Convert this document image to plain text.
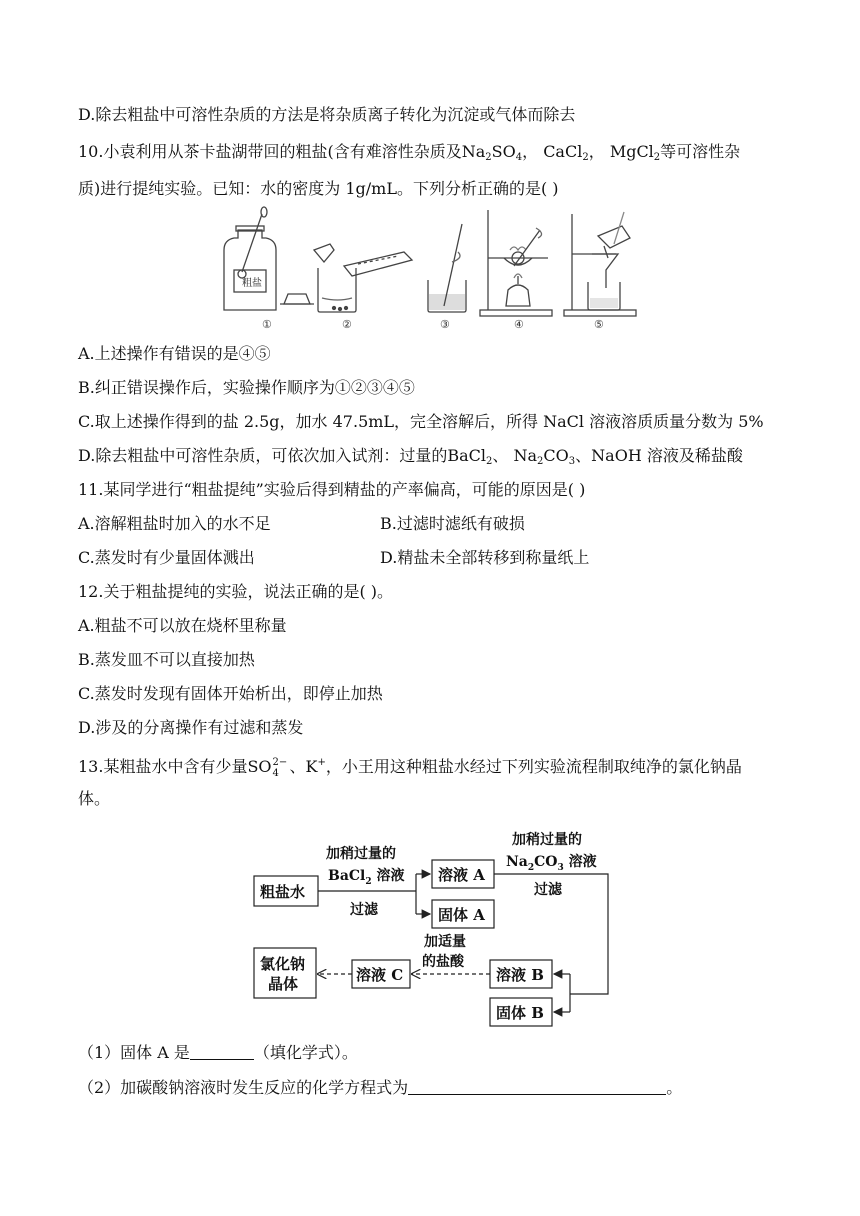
D.除去粗盐中可溶性杂质的方法是将杂质离子转化为沉淀或气体而除去
10.小袁利用从茶卡盐湖带回的粗盐(含有难溶性杂质及$Na_2SO_4$， CaCl$_2$， MgCl$_2$等可溶性杂
质)进行提纯实验。已知：水的密度为 1g/mL。下列分析正确的是( )
粗盐
①	②	③	④	⑤
A.上述操作有错误的是④⑤
B.纠正错误操作后，实验操作顺序为①②③④⑤
C.取上述操作得到的盐 2.5g，加水 47.5mL，完全溶解后，所得 NaCl 溶液溶质质量分数为 5%
D.除去粗盐中可溶性杂质，可依次加入试剂：过量的BaCl$_2$、 $Na_2CO_3$、NaOH 溶液及稀盐酸
11.某同学进行“粗盐提纯”实验后得到精盐的产率偏高，可能的原因是( )
A.溶解粗盐时加入的水不足	B.过滤时滤纸有破损
C.蒸发时有少量固体溅出	D.精盐未全部转移到称量纸上
12.关于粗盐提纯的实验，说法正确的是( )。
A.粗盐不可以放在烧杯里称量
B.蒸发皿不可以直接加热
C.蒸发时发现有固体开始析出，即停止加热
D.涉及的分离操作有过滤和蒸发
13.某粗盐水中含有少量SO 4
2− 、K+，小王用这种粗盐水经过下列实验流程制取纯净的氯化钠晶
体。
粗盐水
溶液 A
固体 A
溶液 B
固体 B
溶液 C
氯化钠
晶体
加稍过量的
BaCl$_2$ 溶液
过滤
加稍过量的
$Na_2CO_3$ 溶液
过滤
加适量
的盐酸
（1）固体 A 是	（填化学式）。
（2）加碳酸钠溶液时发生反应的化学方程式为	。
